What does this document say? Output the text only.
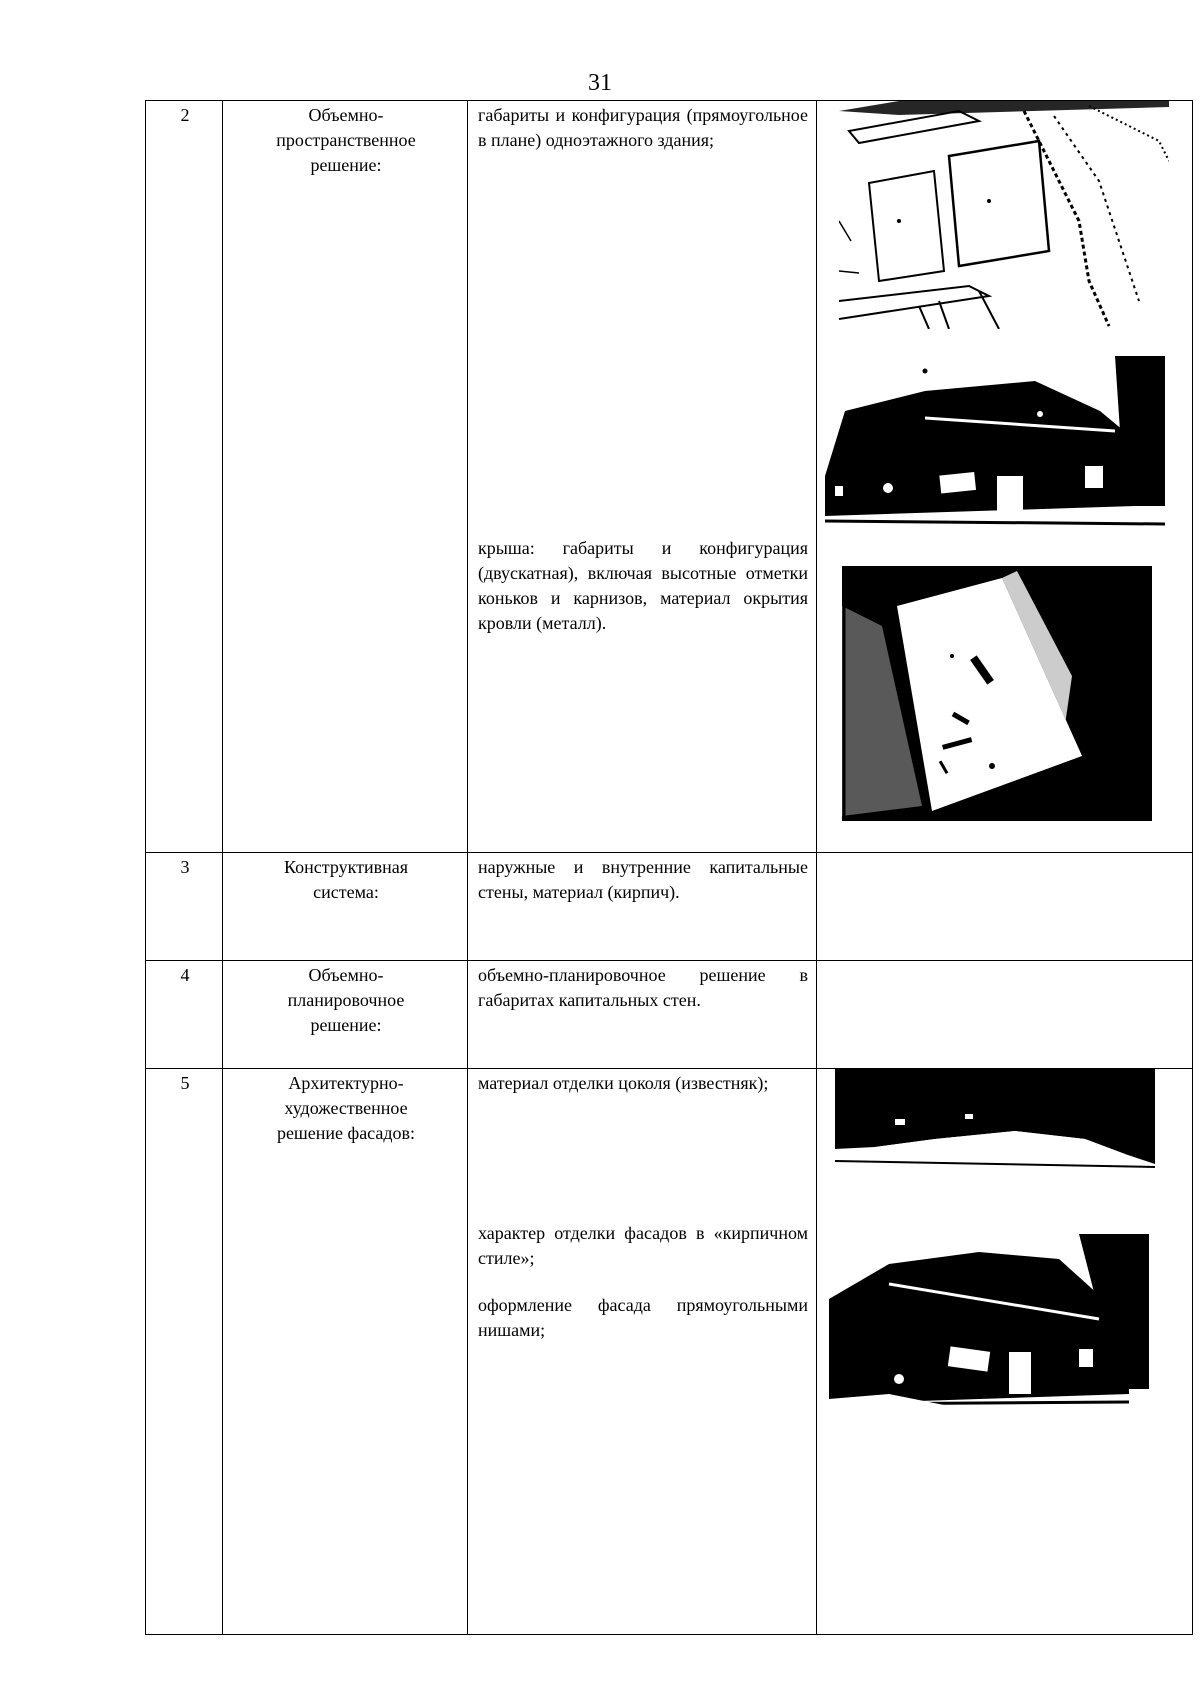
31
2	Объемно-
пространственное
решение:	габариты и конфигурация (прямоугольное в плане) одноэтажного здания;
крыша: габариты и конфигурация (двускатная), включая высотные отметки коньков и карнизов, материал окрытия кровли (металл).

3	Конструктивная
система:	наружные и внутренние капитальные стены, материал (кирпич).	

4	Объемно-
планировочное
решение:	объемно-планировочное решение в габаритах капитальных стен.	

5	Архитектурно-
художественное
решение фасадов:	материал отделки цоколя (известняк);
характер отделки фасадов в «кирпичном стиле»;
оформление фасада прямоугольными нишами;
